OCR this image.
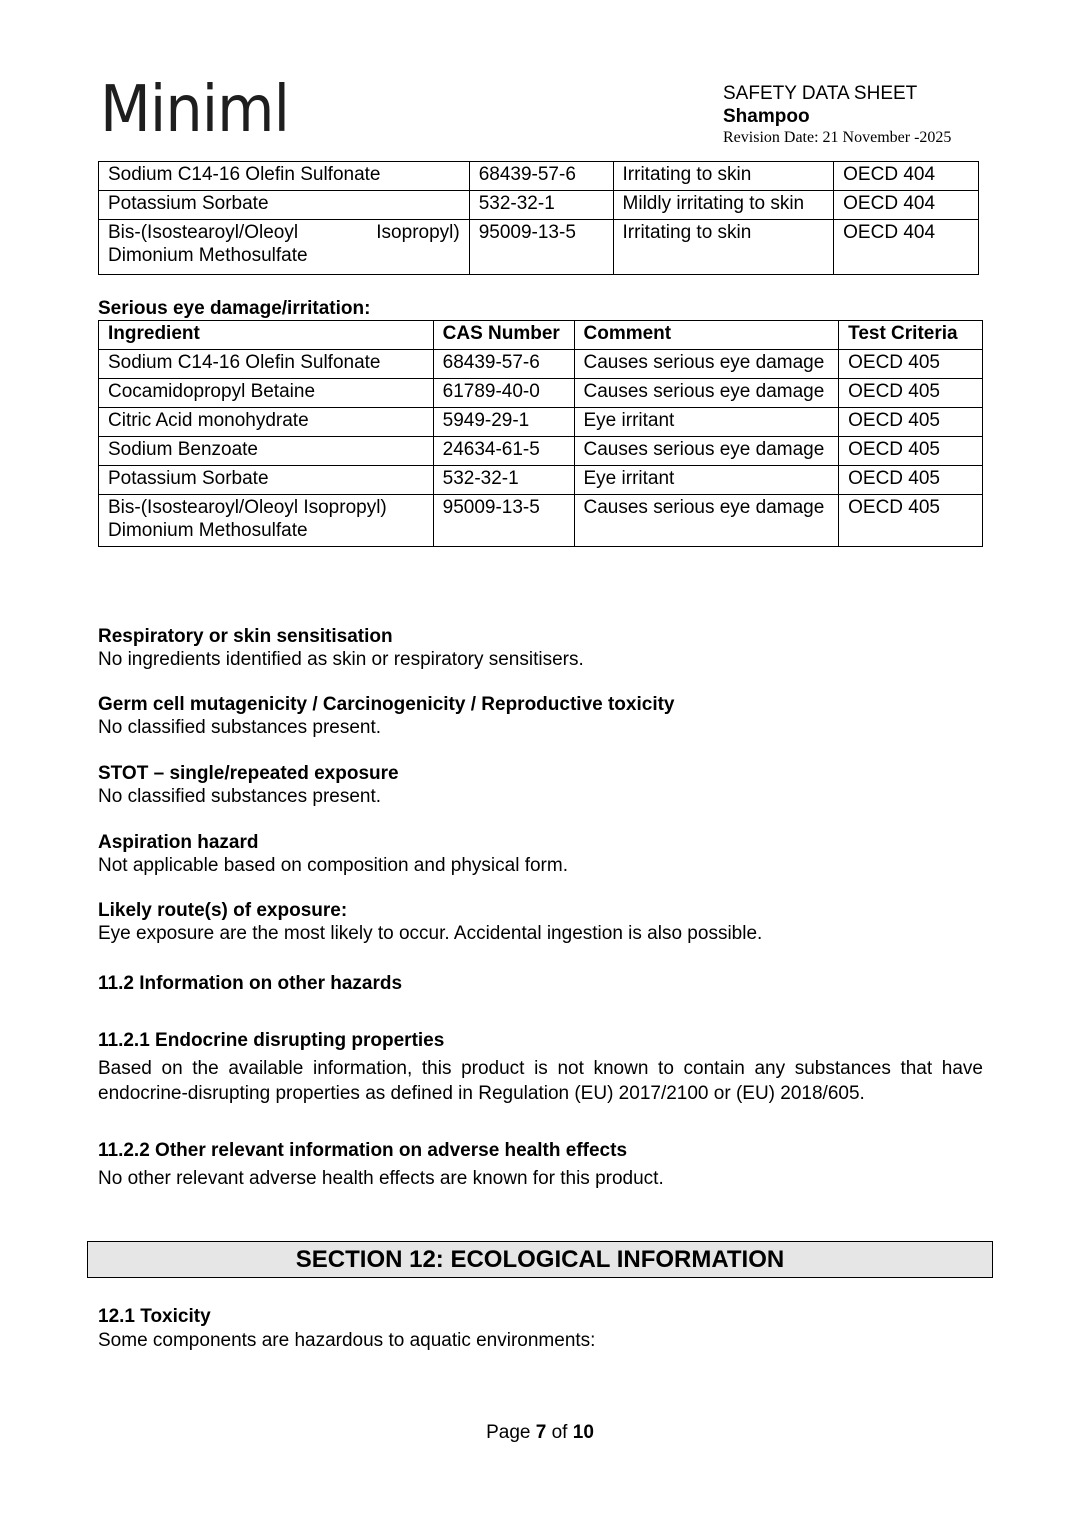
Miniml	SAFETY DATA SHEET
Shampoo
Revision Date: 21 November -2025
Sodium C14-16 Olefin Sulfonate	68439-57-6	Irritating to skin	OECD 404
Potassium Sorbate	532-32-1	Mildly irritating to skin	OECD 404

Bis-(Isostearoyl/Oleoyl Isopropyl)
Dimonium Methosulfate	95009-13-5	Irritating to skin	OECD 404
Serious eye damage/irritation:
Ingredient	CAS Number	Comment	Test Criteria
Sodium C14-16 Olefin Sulfonate	68439-57-6	Causes serious eye damage	OECD 405
Cocamidopropyl Betaine	61789-40-0	Causes serious eye damage	OECD 405
Citric Acid monohydrate	5949-29-1	Eye irritant	OECD 405
Sodium Benzoate	24634-61-5	Causes serious eye damage	OECD 405
Potassium Sorbate	532-32-1	Eye irritant	OECD 405
Bis-(Isostearoyl/Oleoyl Isopropyl) Dimonium Methosulfate	95009-13-5	Causes serious eye damage	OECD 405
Respiratory or skin sensitisation
No ingredients identified as skin or respiratory sensitisers.
Germ cell mutagenicity / Carcinogenicity / Reproductive toxicity
No classified substances present.
STOT – single/repeated exposure
No classified substances present.
Aspiration hazard
Not applicable based on composition and physical form.
Likely route(s) of exposure:
Eye exposure are the most likely to occur. Accidental ingestion is also possible.
11.2 Information on other hazards
11.2.1 Endocrine disrupting properties
Based on the available information, this product is not known to contain any substances that have endocrine-disrupting properties as defined in Regulation (EU) 2017/2100 or (EU) 2018/605.
11.2.2 Other relevant information on adverse health effects
No other relevant adverse health effects are known for this product.
SECTION 12: ECOLOGICAL INFORMATION
12.1 Toxicity
Some components are hazardous to aquatic environments:
Page 7 of 10
